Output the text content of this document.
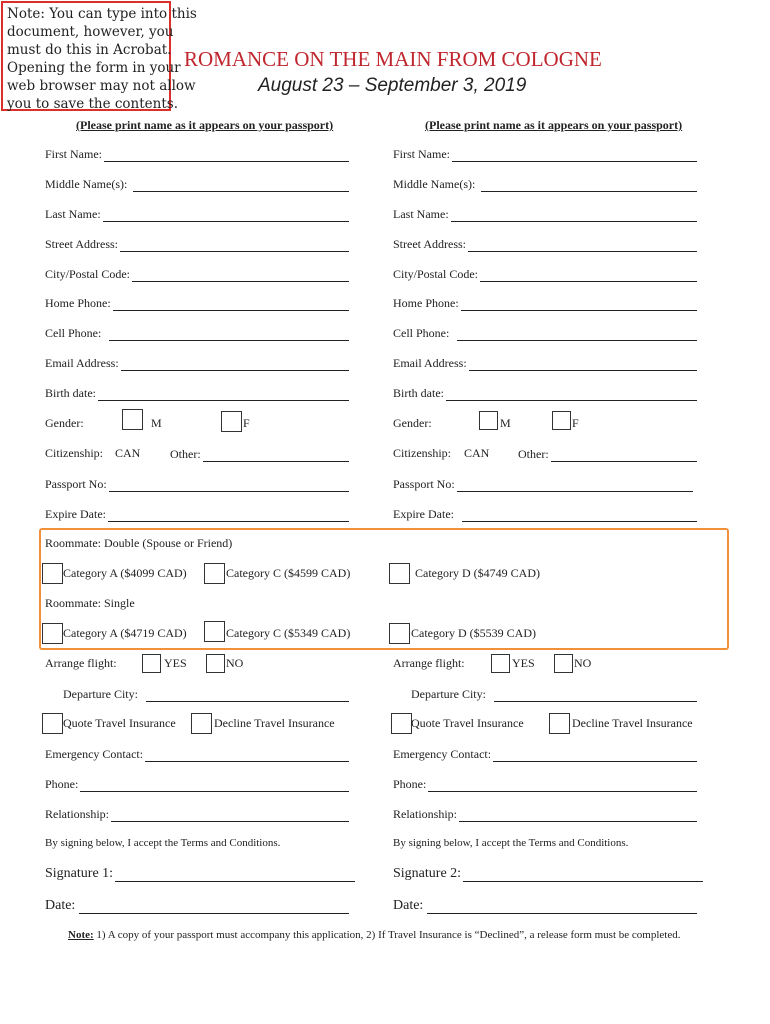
Note: You can type into this
document, however, you
must do this in Acrobat.
Opening the form in your
web browser may not allow
you to save the contents.
ROMANCE ON THE MAIN FROM COLOGNE
August 23 – September 3, 2019
(Please print name as it appears on your passport)	(Please print name as it appears on your passport)
First Name:
Middle Name(s):
Last Name:
Street Address:
City/Postal Code:
Home Phone:
Cell Phone:
Email Address:
Birth date:
Gender:	M	F
Citizenship: CAN Other:
Passport No:
Expire Date:
First Name:
Middle Name(s):
Last Name:
Street Address:
City/Postal Code:
Home Phone:
Cell Phone:
Email Address:
Birth date:
Gender:	M	F
Citizenship: CAN Other:
Passport No:
Expire Date:
Roommate: Double (Spouse or Friend)
Category A ($4099 CAD)	Category C ($4599 CAD)	Category D ($4749 CAD)
Roommate: Single
Category A ($4719 CAD)	Category C ($5349 CAD)	Category D ($5539 CAD)
Arrange flight:	YES	NO	Arrange flight:	YES	NO
Departure City:	Departure City:
Quote Travel Insurance	Decline Travel Insurance	Quote Travel Insurance	Decline Travel Insurance
Emergency Contact:
Phone:
Relationship:
Emergency Contact:
Phone:
Relationship:
By signing below, I accept the Terms and Conditions.	By signing below, I accept the Terms and Conditions.
Signature 1:	Signature 2:
Date:	Date:
Note: 1) A copy of your passport must accompany this application, 2) If Travel Insurance is “Declined”, a release form must be completed.
